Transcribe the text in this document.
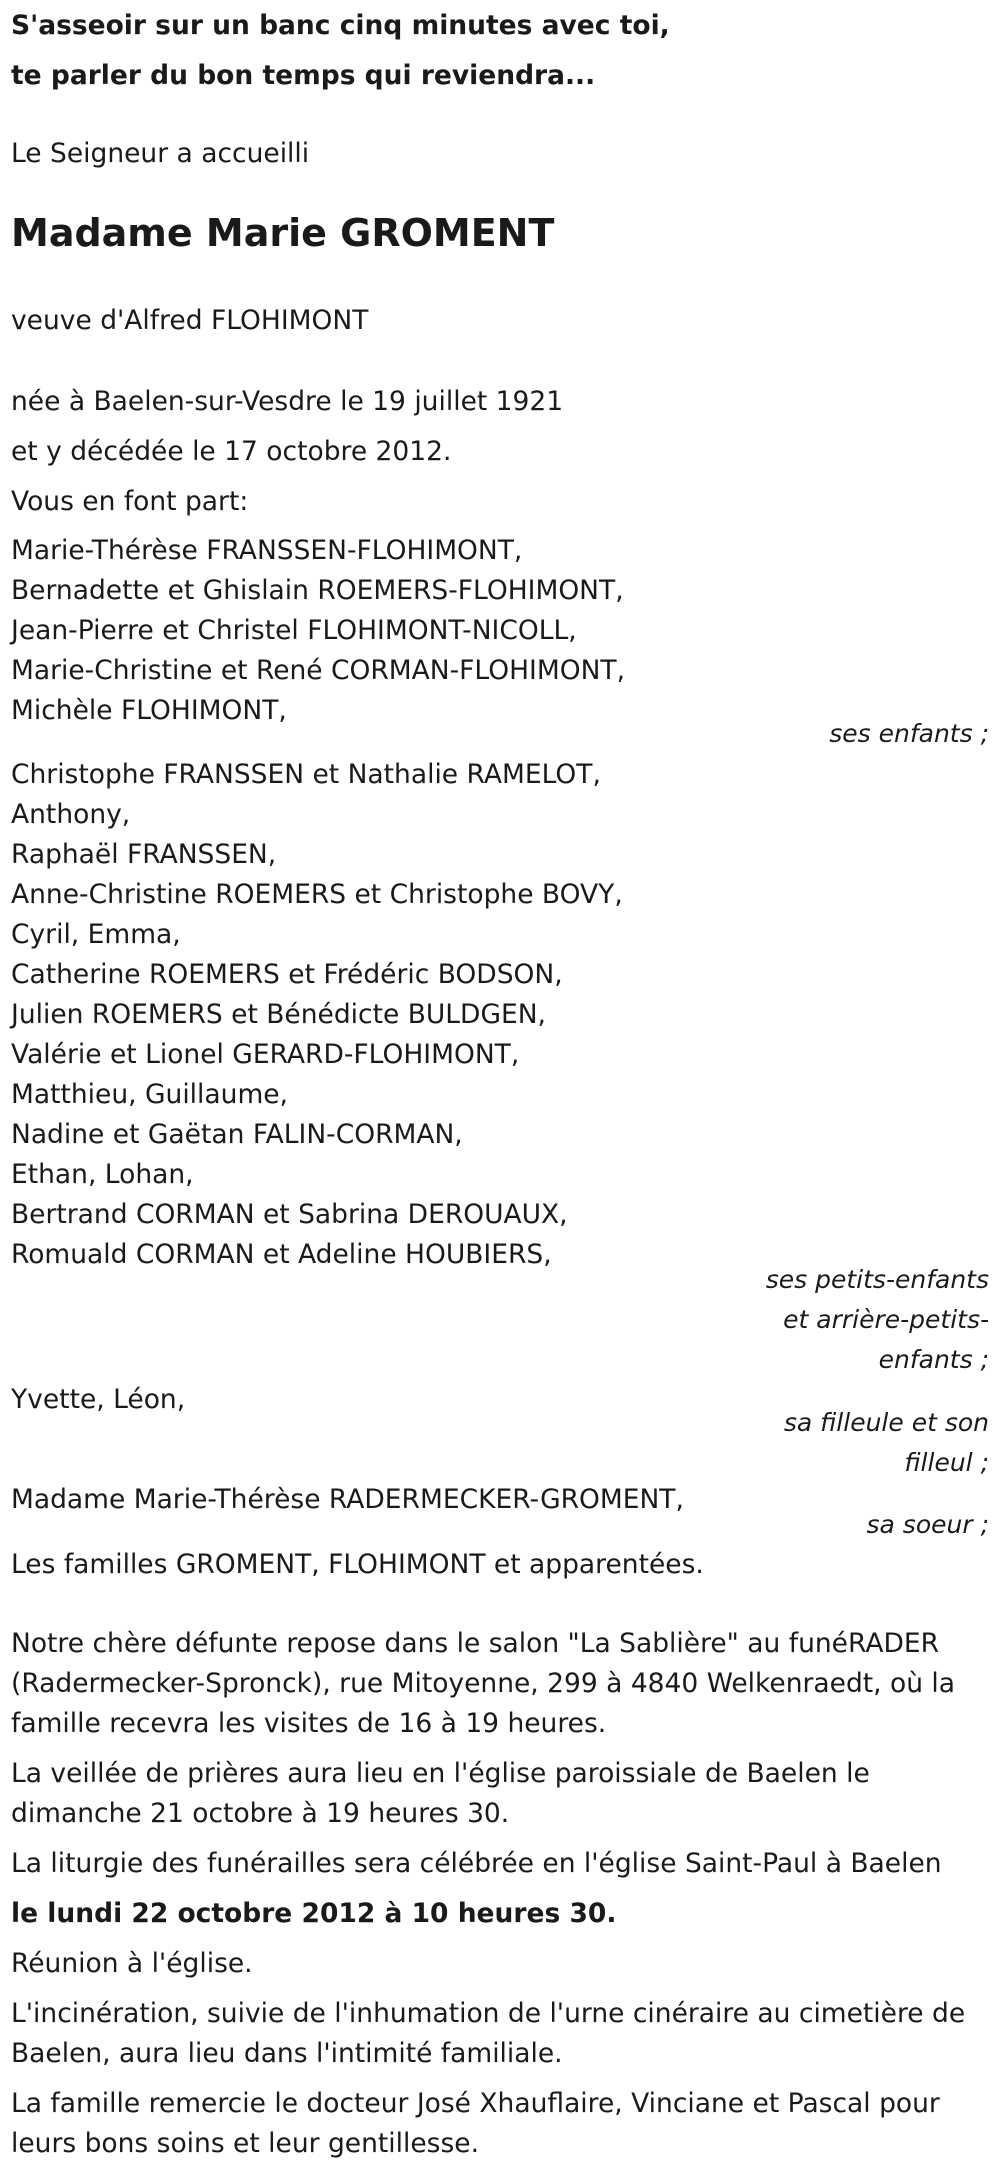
S'asseoir sur un banc cinq minutes avec toi,
te parler du bon temps qui reviendra...
Le Seigneur a accueilli
Madame Marie GROMENT
veuve d'Alfred FLOHIMONT
née à Baelen-sur-Vesdre le 19 juillet 1921
et y décédée le 17 octobre 2012.
Vous en font part:
Marie-Thérèse FRANSSEN-FLOHIMONT,
Bernadette et Ghislain ROEMERS-FLOHIMONT,
Jean-Pierre et Christel FLOHIMONT-NICOLL,
Marie-Christine et René CORMAN-FLOHIMONT,
Michèle FLOHIMONT,
ses enfants ;
Christophe FRANSSEN et Nathalie RAMELOT,
Anthony,
Raphaël FRANSSEN,
Anne-Christine ROEMERS et Christophe BOVY,
Cyril, Emma,
Catherine ROEMERS et Frédéric BODSON,
Julien ROEMERS et Bénédicte BULDGEN,
Valérie et Lionel GERARD-FLOHIMONT,
Matthieu, Guillaume,
Nadine et Gaëtan FALIN-CORMAN,
Ethan, Lohan,
Bertrand CORMAN et Sabrina DEROUAUX,
Romuald CORMAN et Adeline HOUBIERS,
ses petits-enfants
et arrière-petits-
enfants ;
Yvette, Léon,
sa filleule et son
filleul ;
Madame Marie-Thérèse RADERMECKER-GROMENT,
sa soeur ;
Les familles GROMENT, FLOHIMONT et apparentées.
Notre chère défunte repose dans le salon "La Sablière" au funéRADER
(Radermecker-Spronck), rue Mitoyenne, 299 à 4840 Welkenraedt, où la
famille recevra les visites de 16 à 19 heures.
La veillée de prières aura lieu en l'église paroissiale de Baelen le
dimanche 21 octobre à 19 heures 30.
La liturgie des funérailles sera célébrée en l'église Saint-Paul à Baelen
le lundi 22 octobre 2012 à 10 heures 30.
Réunion à l'église.
L'incinération, suivie de l'inhumation de l'urne cinéraire au cimetière de
Baelen, aura lieu dans l'intimité familiale.
La famille remercie le docteur José Xhauflaire, Vinciane et Pascal pour
leurs bons soins et leur gentillesse.
